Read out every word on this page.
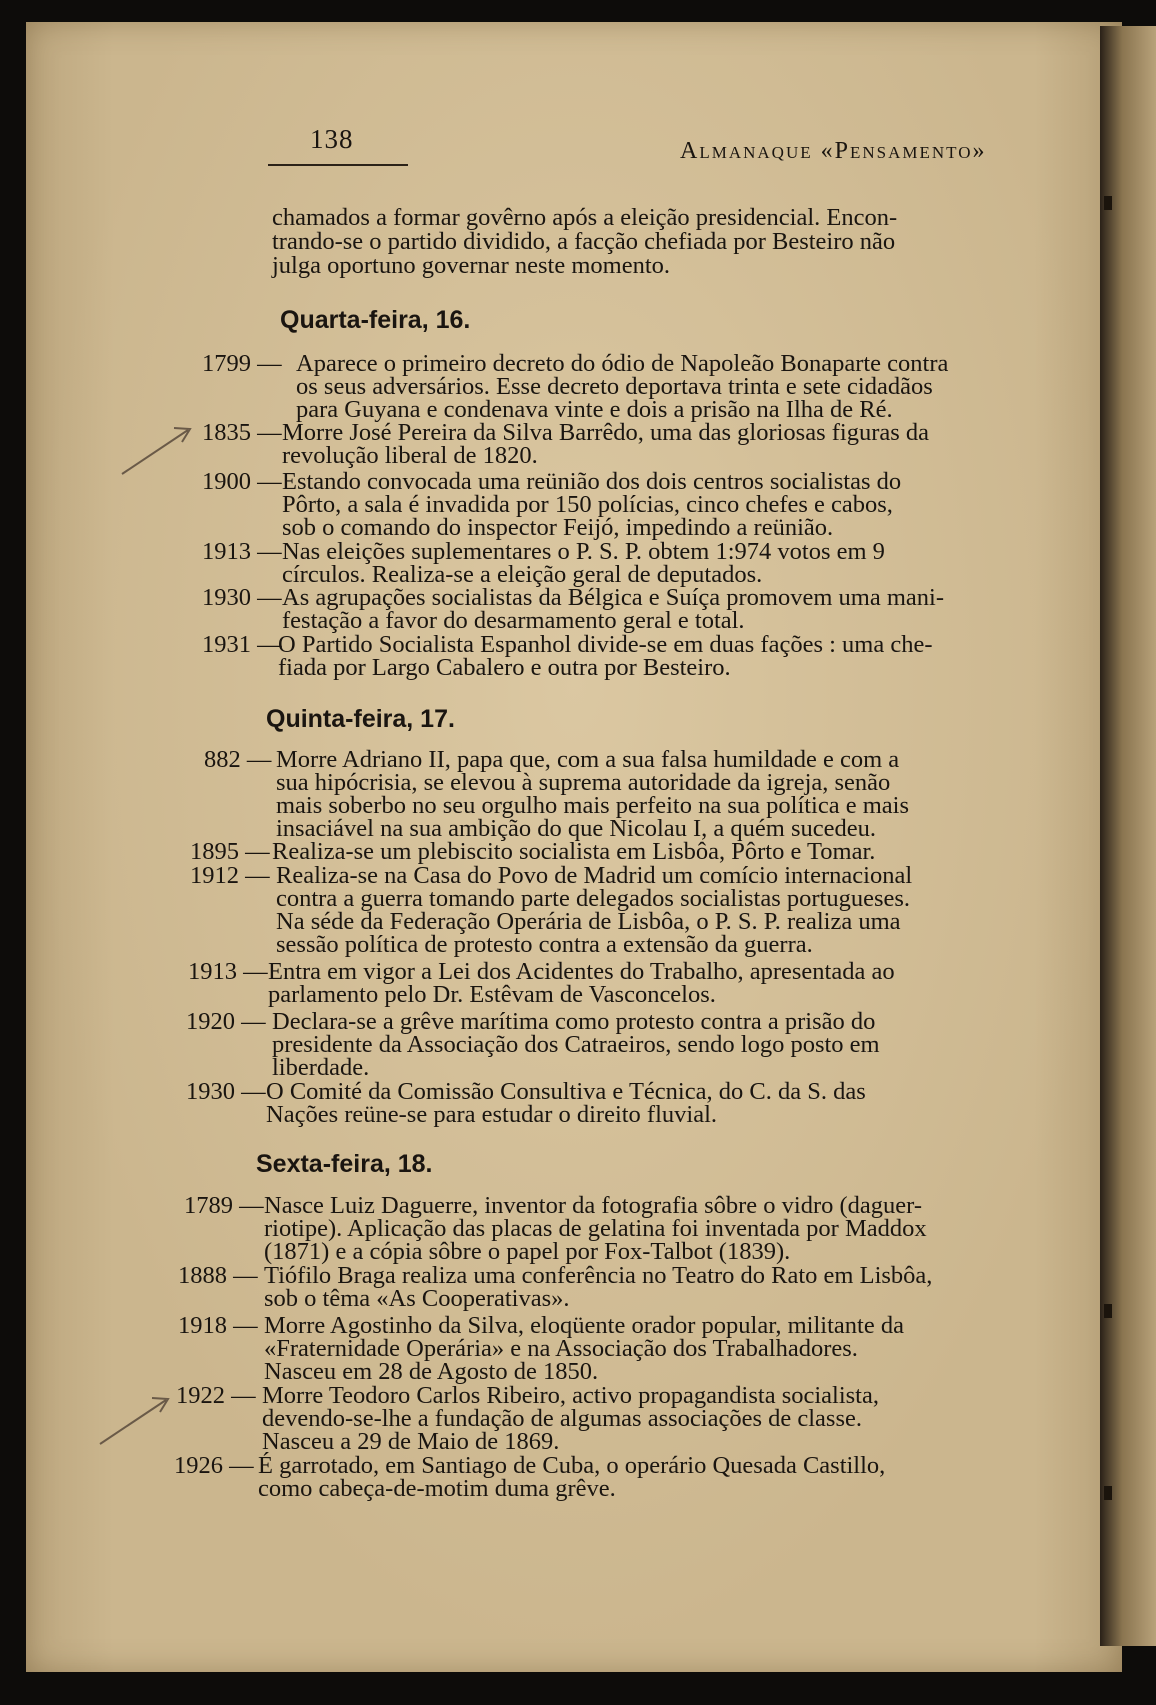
138	Almanaque «Pensamento»
chamados a formar govêrno após a eleição presidencial. Encon-
trando-se o partido dividido, a facção chefiada por Besteiro não
julga oportuno governar neste momento.
Quarta-feira, 16.
1799 — Aparece o primeiro decreto do ódio de Napoleão Bonaparte contra
os seus adversários. Esse decreto deportava trinta e sete cidadãos
para Guyana e condenava vinte e dois a prisão na Ilha de Ré.
1835 — Morre José Pereira da Silva Barrêdo, uma das gloriosas figuras da
revolução liberal de 1820.
1900 — Estando convocada uma reünião dos dois centros socialistas do
Pôrto, a sala é invadida por 150 polícias, cinco chefes e cabos,
sob o comando do inspector Feijó, impedindo a reünião.
1913 — Nas eleições suplementares o P. S. P. obtem 1:974 votos em 9
círculos. Realiza-se a eleição geral de deputados.
1930 — As agrupações socialistas da Bélgica e Suíça promovem uma mani-
festação a favor do desarmamento geral e total.
1931 —
O Partido Socialista Espanhol divide-se em duas fações : uma che-
fiada por Largo Cabalero e outra por Besteiro.
Quinta-feira, 17.
882 — Morre Adriano II, papa que, com a sua falsa humildade e com a
sua hipócrisia, se elevou à suprema autoridade da igreja, senão
mais soberbo no seu orgulho mais perfeito na sua política e mais
insaciável na sua ambição do que Nicolau I, a quém sucedeu.
1895 — Realiza-se um plebiscito socialista em Lisbôa, Pôrto e Tomar.
1912 — Realiza-se na Casa do Povo de Madrid um comício internacional
contra a guerra tomando parte delegados socialistas portugueses.
Na séde da Federação Operária de Lisbôa, o P. S. P. realiza uma
sessão política de protesto contra a extensão da guerra.
1913 — Entra em vigor a Lei dos Acidentes do Trabalho, apresentada ao
parlamento pelo Dr. Estêvam de Vasconcelos.
1920 — Declara-se a grêve marítima como protesto contra a prisão do
presidente da Associação dos Catraeiros, sendo logo posto em
liberdade.
1930 — O Comité da Comissão Consultiva e Técnica, do C. da S. das
Nações reüne-se para estudar o direito fluvial.
Sexta-feira, 18.
1789 — Nasce Luiz Daguerre, inventor da fotografia sôbre o vidro (daguer-
riotipe). Aplicação das placas de gelatina foi inventada por Maddox
(1871) e a cópia sôbre o papel por Fox-Talbot (1839).
1888 — Tiófilo Braga realiza uma conferência no Teatro do Rato em Lisbôa,
sob o têma «As Cooperativas».
1918 — Morre Agostinho da Silva, eloqüente orador popular, militante da
«Fraternidade Operária» e na Associação dos Trabalhadores.
Nasceu em 28 de Agosto de 1850.
1922 — Morre Teodoro Carlos Ribeiro, activo propagandista socialista,
devendo-se-lhe a fundação de algumas associações de classe.
Nasceu a 29 de Maio de 1869.
1926 — É garrotado, em Santiago de Cuba, o operário Quesada Castillo,
como cabeça-de-motim duma grêve.
